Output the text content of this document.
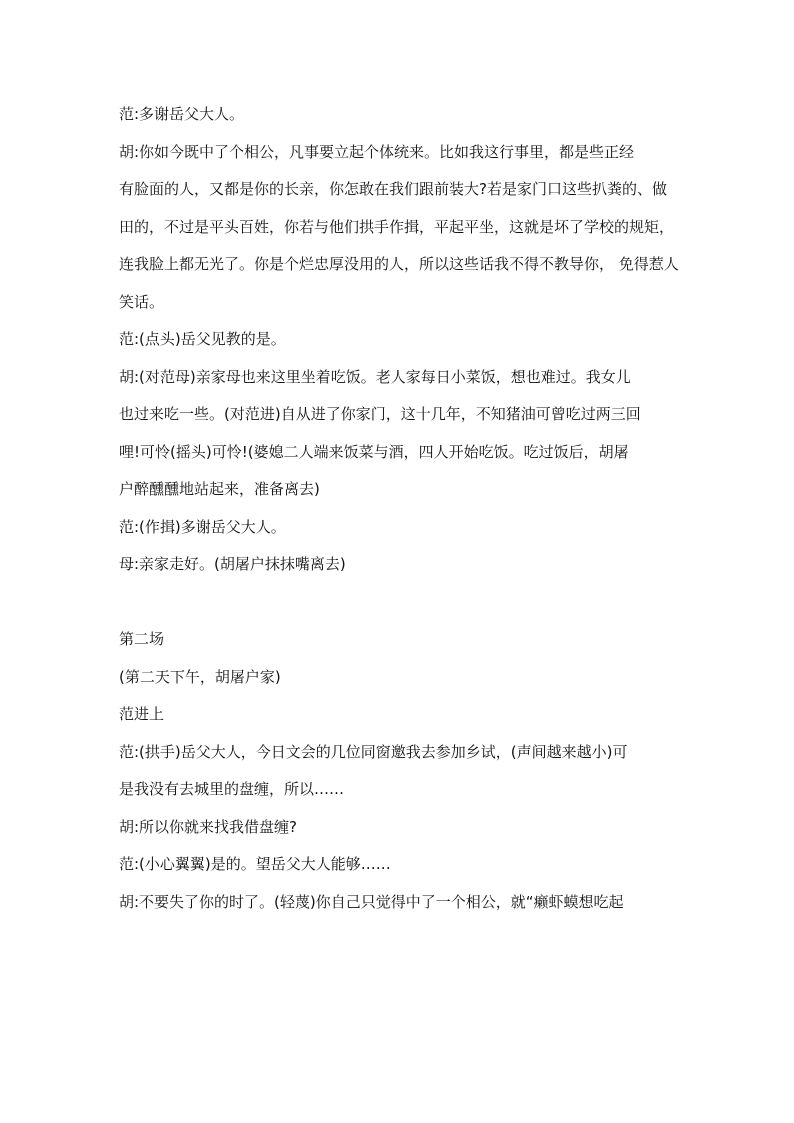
范:多谢岳父大人。
胡:你如今既中了个相公，凡事要立起个体统来。比如我这行事里，都是些正经
有脸面的人，又都是你的长亲，你怎敢在我们跟前装大?若是家门口这些扒粪的、做
田的，不过是平头百姓，你若与他们拱手作揖，平起平坐，这就是坏了学校的规矩，
连我脸上都无光了。你是个烂忠厚没用的人，所以这些话我不得不教导你， 免得惹人
笑话。
范:(点头)岳父见教的是。
胡:(对范母)亲家母也来这里坐着吃饭。老人家每日小菜饭，想也难过。我女儿
也过来吃一些。(对范进)自从进了你家门，这十几年，不知猪油可曾吃过两三回
哩!可怜(摇头)可怜!(婆媳二人端来饭菜与酒，四人开始吃饭。吃过饭后，胡屠
户醉醺醺地站起来，准备离去)
范:(作揖)多谢岳父大人。
母:亲家走好。(胡屠户抹抹嘴离去)
第二场
(第二天下午，胡屠户家)
范进上
范:(拱手)岳父大人，今日文会的几位同窗邀我去参加乡试，(声间越来越小)可
是我没有去城里的盘缠，所以……
胡:所以你就来找我借盘缠?
范:(小心翼翼)是的。望岳父大人能够……
胡:不要失了你的时了。(轻蔑)你自己只觉得中了一个相公，就“癞虾蟆想吃起
